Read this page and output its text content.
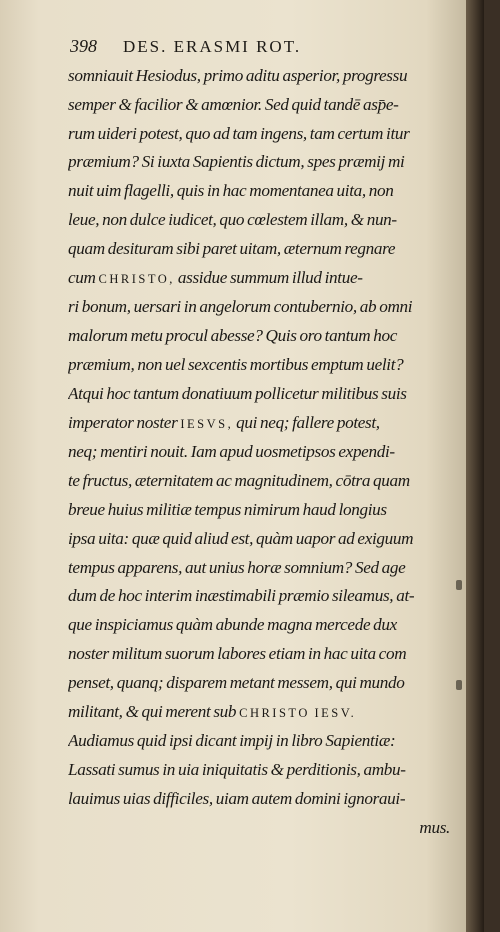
398 DES. ERASMI ROT.
somniauit Hesiodus, primo aditu asperior, progressu
semper & facilior & amœnior. Sed quid tandē asp̄e-
rum uideri potest, quo ad tam ingens, tam certum itur
præmium? Si iuxta Sapientis dictum, spes præmij mi
nuit uim flagelli, quis in hac momentanea uita, non
leue, non dulce iudicet, quo cœlestem illam, & nun-
quam desituram sibi paret uitam, æternum regnare
cum CHRISTO, assidue summum illud intue-
ri bonum, uersari in angelorum contubernio, ab omni
malorum metu procul abesse? Quis oro tantum hoc
præmium, non uel sexcentis mortibus emptum uelit?
Atqui hoc tantum donatiuum pollicetur militibus suis
imperator noster IESVS, qui neq; fallere potest,
neq; mentiri nouit. Iam apud uosmetipsos expendi-
te fructus, æternitatem ac magnitudinem, cōtra quam
breue huius militiæ tempus nimirum haud longius
ipsa uita: quæ quid aliud est, quàm uapor ad exiguum
tempus apparens, aut unius horæ somnium? Sed age
dum de hoc interim inæstimabili præmio sileamus, at-
que inspiciamus quàm abunde magna mercede dux
noster militum suorum labores etiam in hac uita com
penset, quanq; disparem metant messem, qui mundo
militant, & qui merent sub CHRISTO IESV.
Audiamus quid ipsi dicant impij in libro Sapientiæ:
Lassati sumus in uia iniquitatis & perditionis, ambu-
lauimus uias difficiles, uiam autem domini ignoraui-
mus.
